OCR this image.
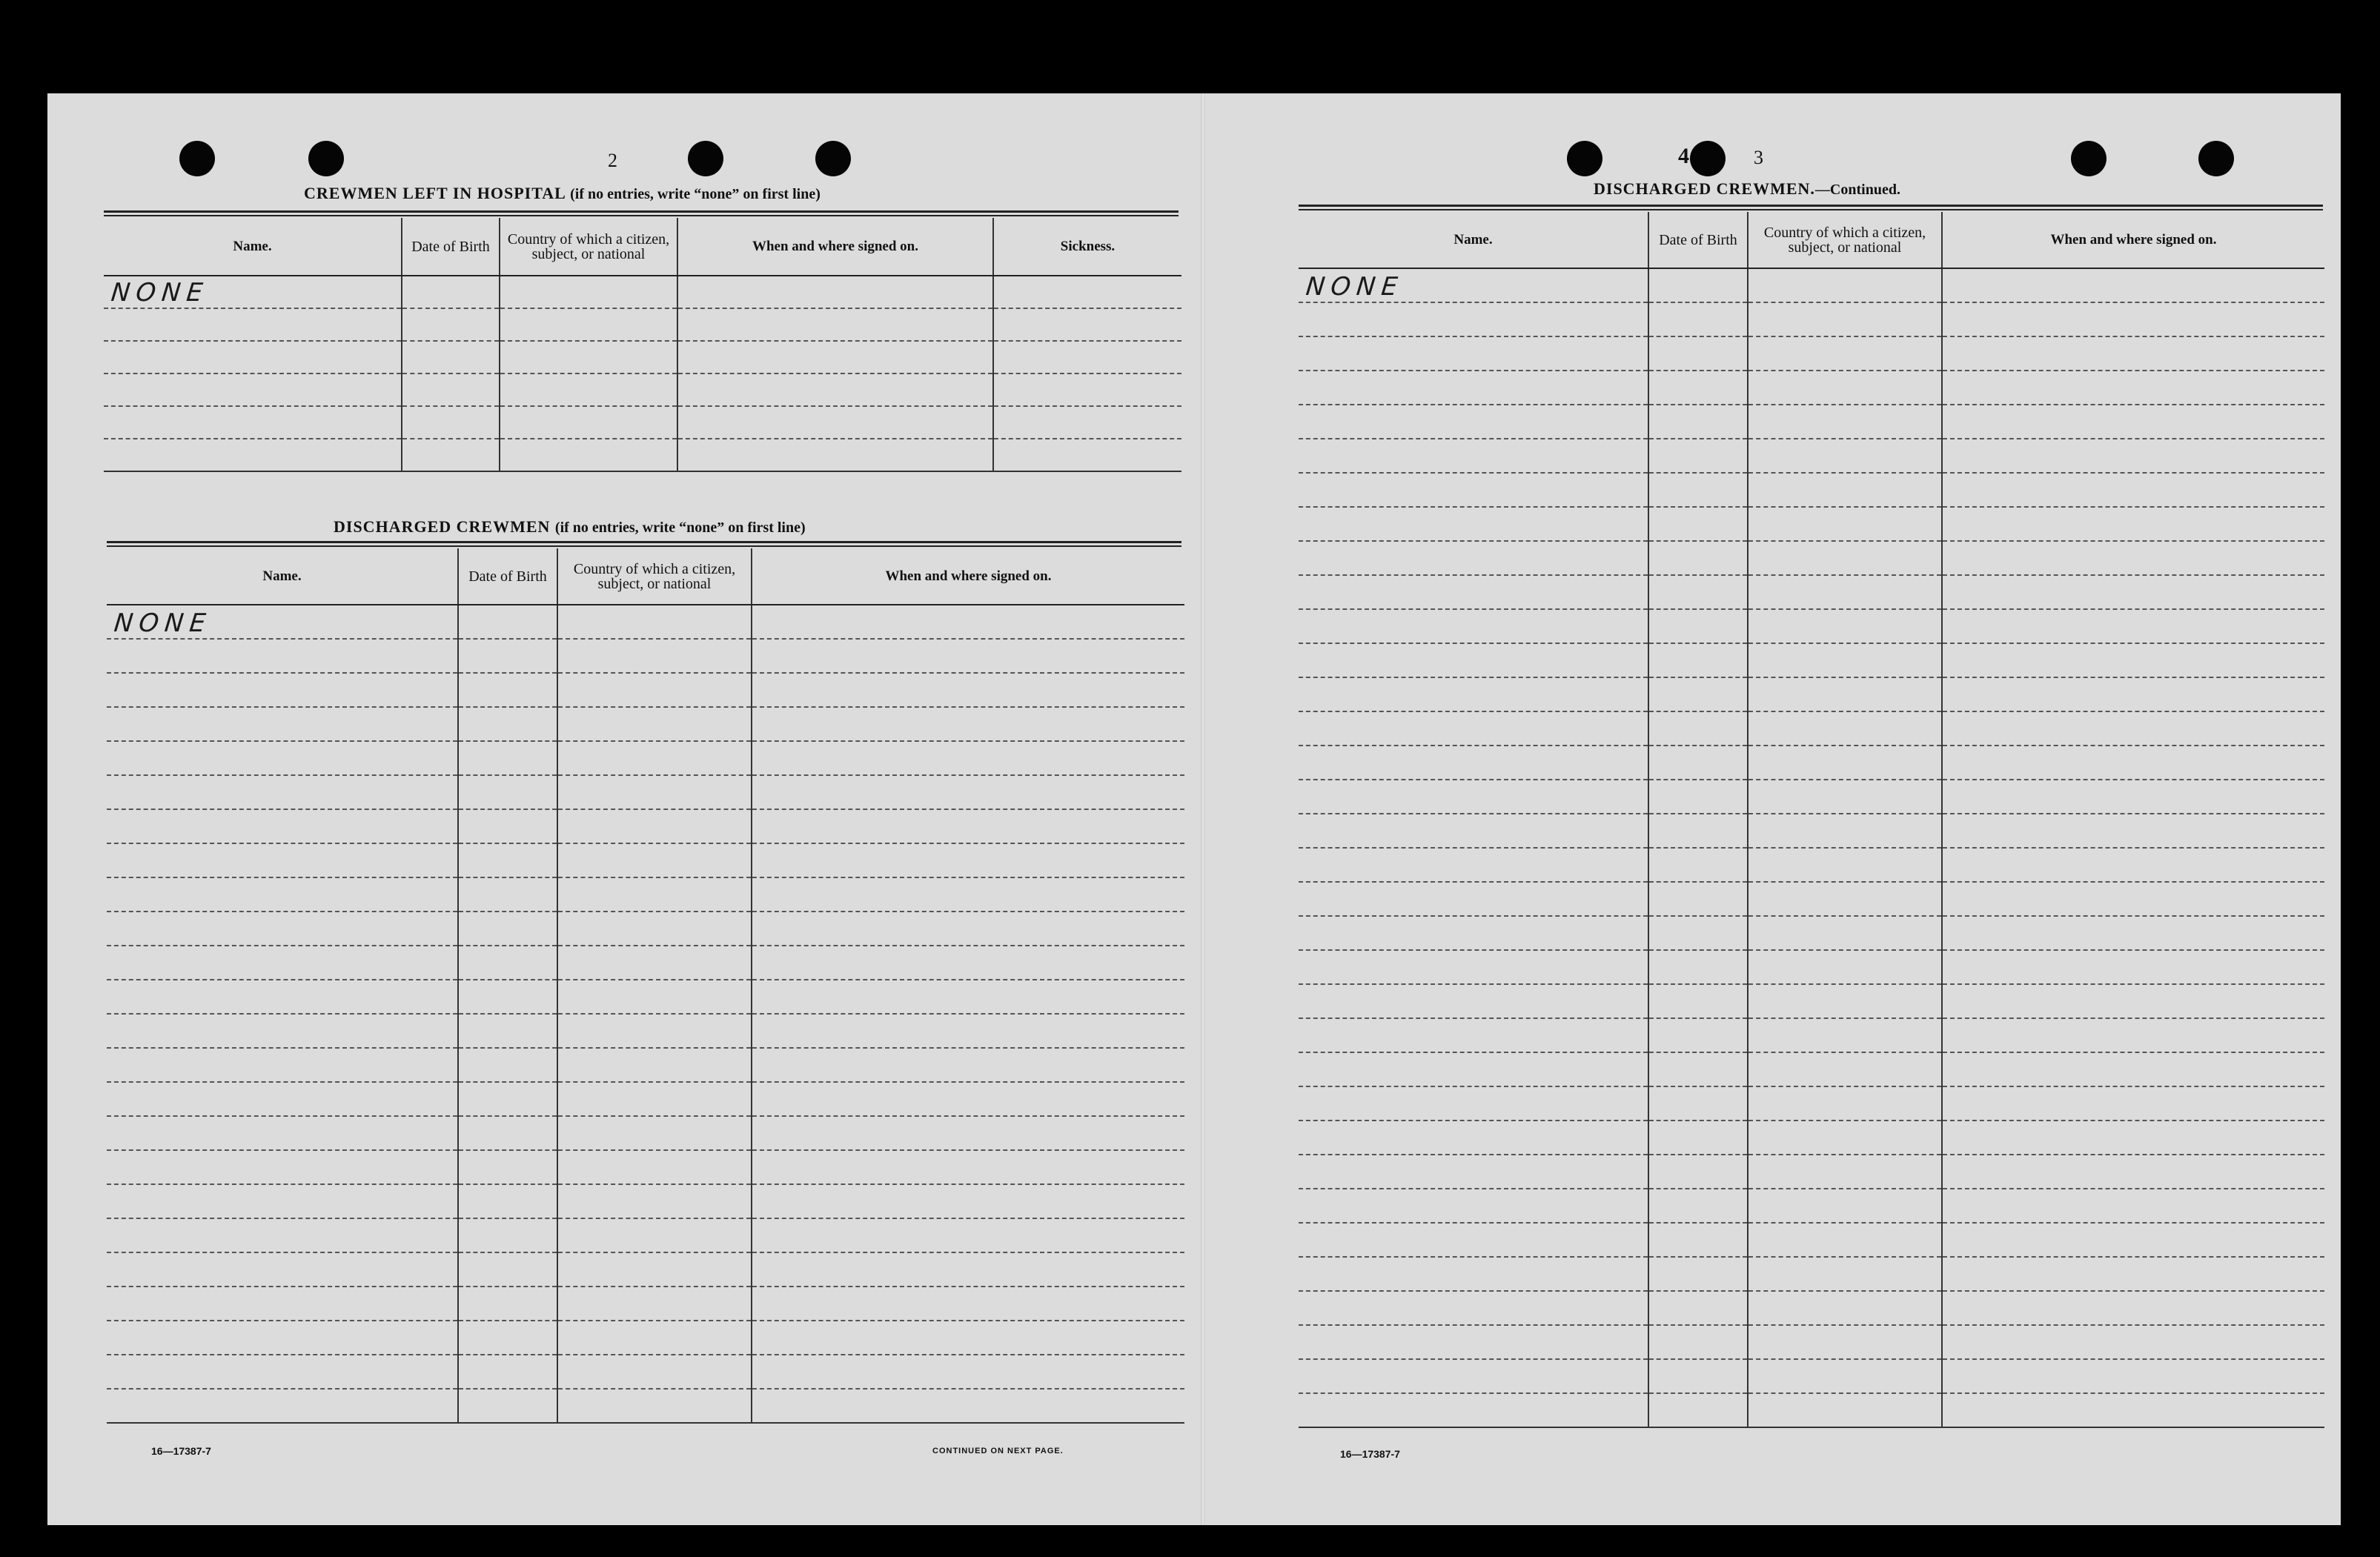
2
CREWMEN LEFT IN HOSPITAL (if no entries, write “none” on first line)
Name.	Date of Birth	Country of which a citizen, subject, or national	When and where signed on.	Sickness.
NONE				

DISCHARGED CREWMEN (if no entries, write “none” on first line)
Name.	Date of Birth	Country of which a citizen, subject, or national	When and where signed on.
NONE			

16—17387-7	CONTINUED ON NEXT PAGE.
4	3
DISCHARGED CREWMEN.—Continued.
Name.	Date of Birth	Country of which a citizen, subject, or national	When and where signed on.
NONE			

16—17387-7
